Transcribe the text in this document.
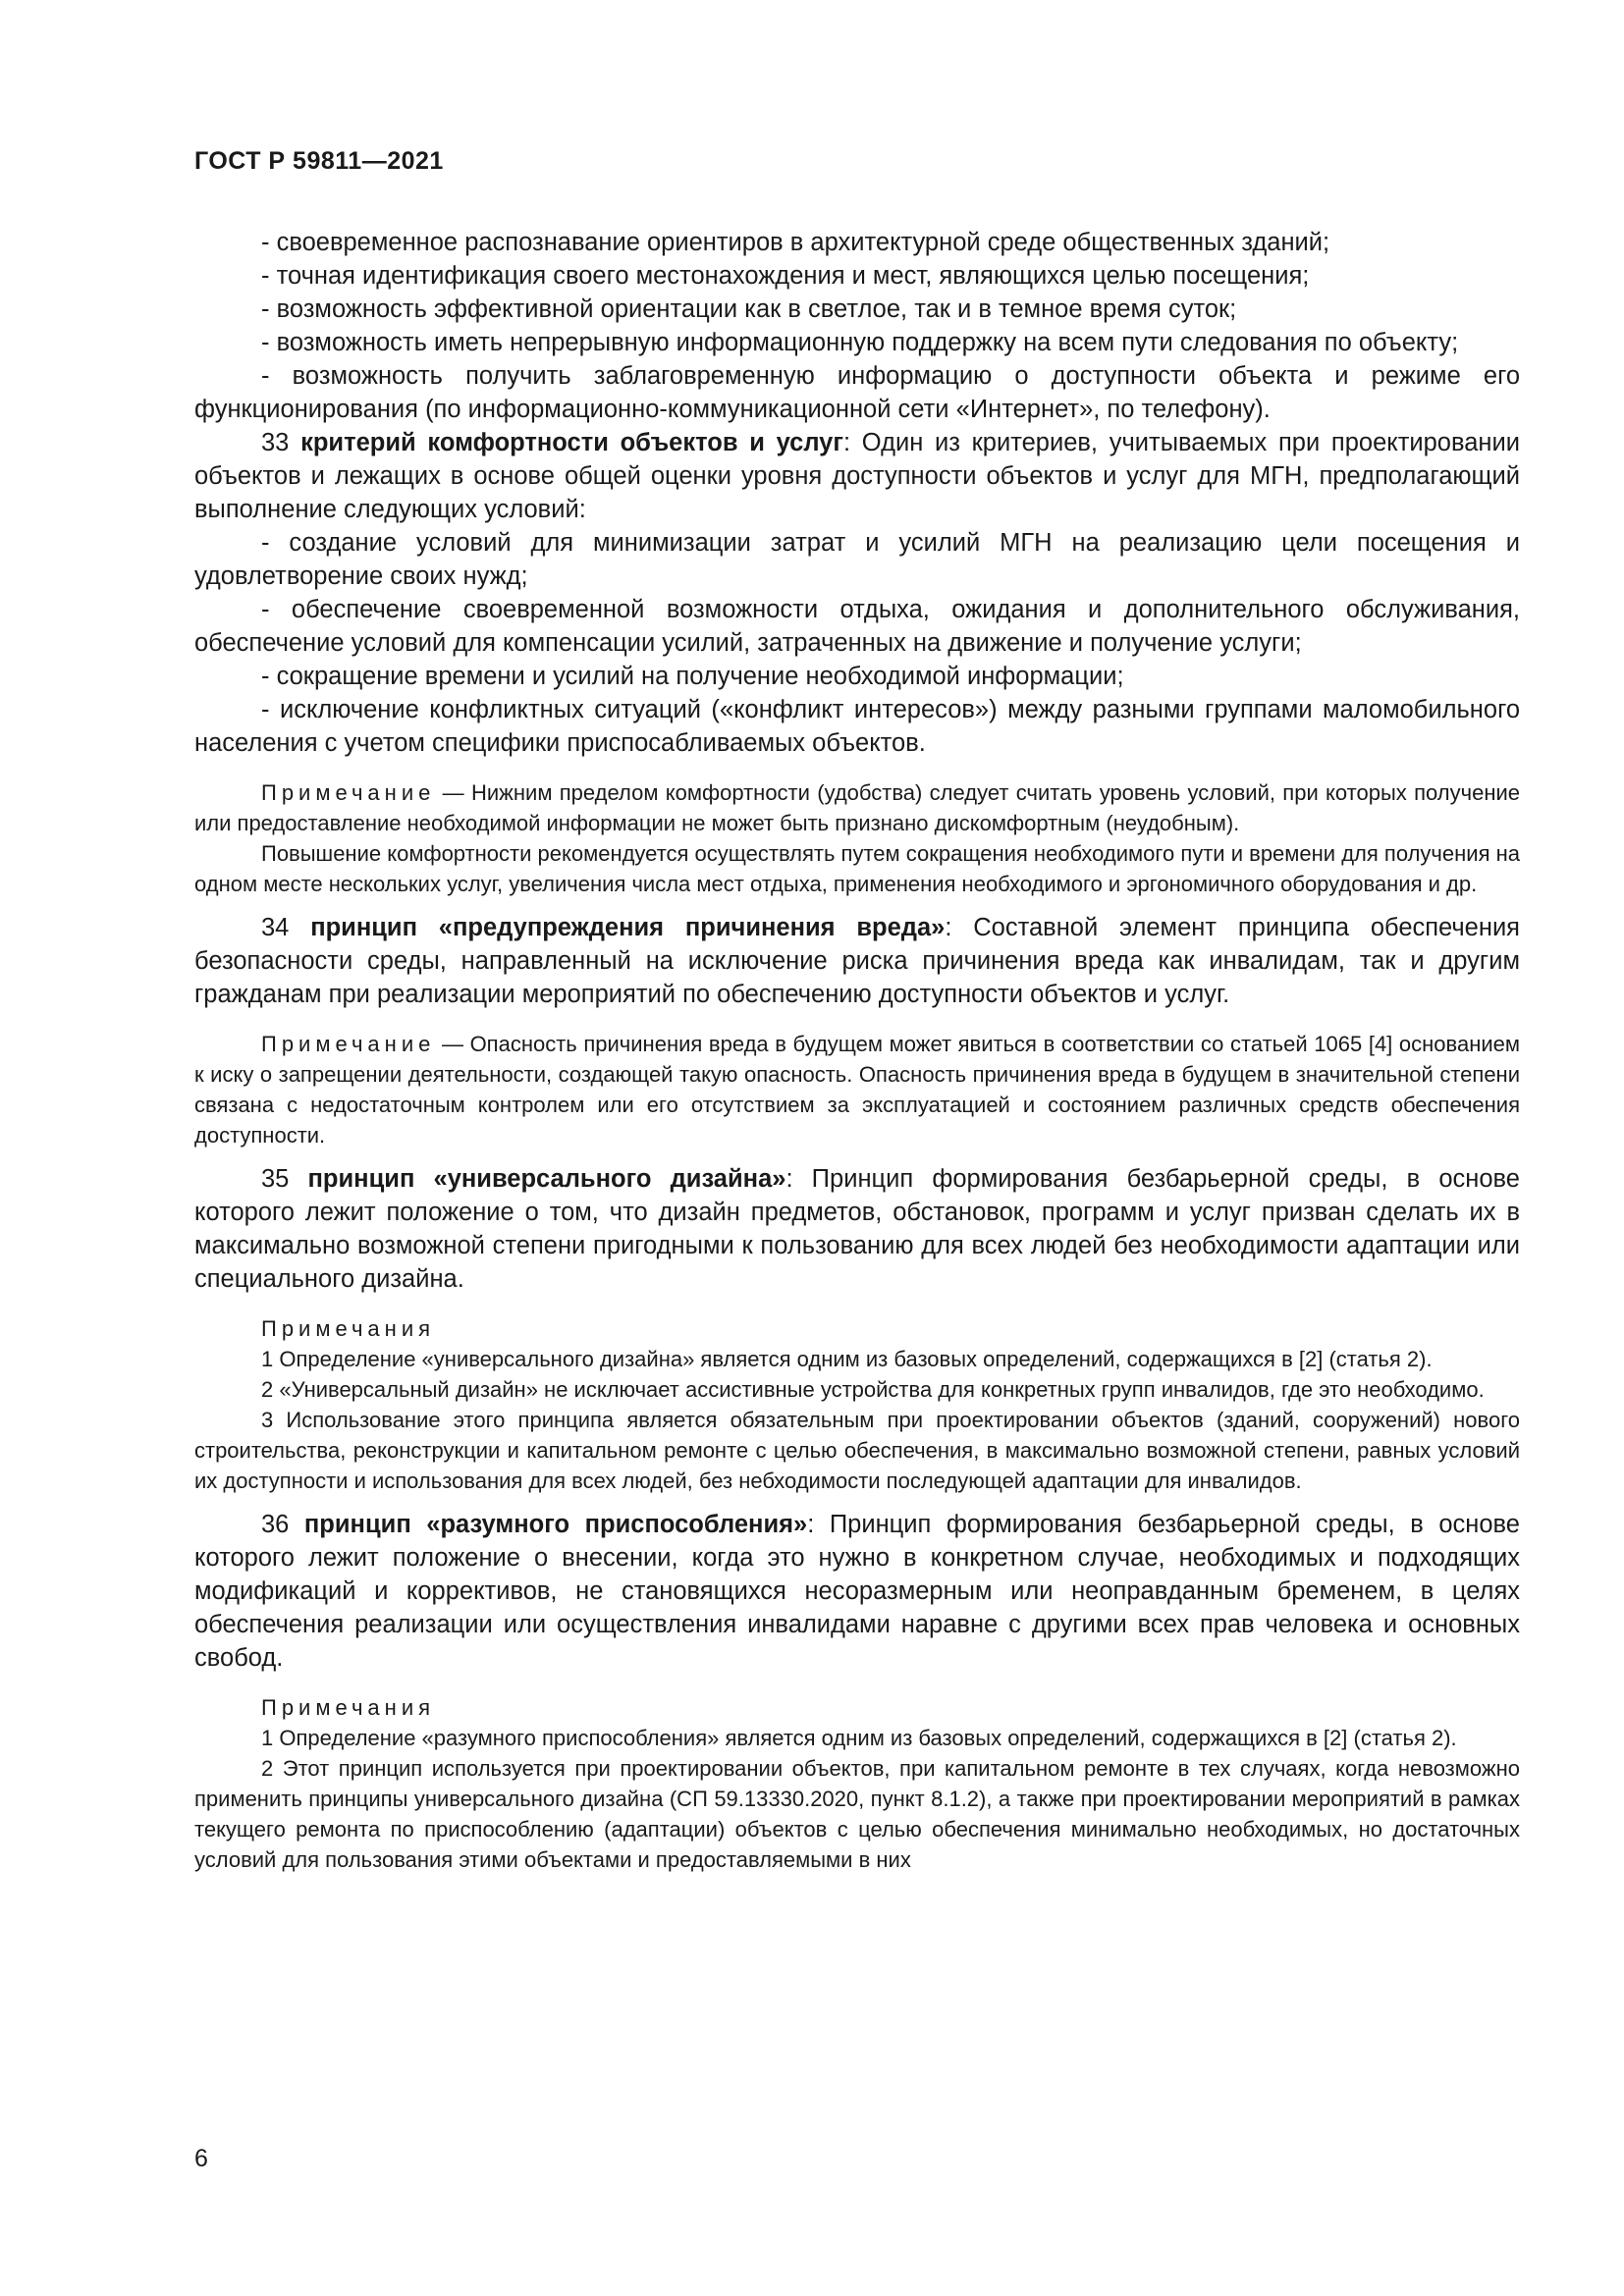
ГОСТ Р 59811—2021

- своевременное распознавание ориентиров в архитектурной среде общественных зданий;

- точная идентификация своего местонахождения и мест, являющихся целью посещения;

- возможность эффективной ориентации как в светлое, так и в темное время суток;

- возможность иметь непрерывную информационную поддержку на всем пути следования по объекту;

- возможность получить заблаговременную информацию о доступности объекта и режиме его функционирования (по информационно-коммуникационной сети «Интернет», по телефону).

33 критерий комфортности объектов и услуг: Один из критериев, учитываемых при проектировании объектов и лежащих в основе общей оценки уровня доступности объектов и услуг для МГН, предполагающий выполнение следующих условий:

- создание условий для минимизации затрат и усилий МГН на реализацию цели посещения и удовлетворение своих нужд;

- обеспечение своевременной возможности отдыха, ожидания и дополнительного обслуживания, обеспечение условий для компенсации усилий, затраченных на движение и получение услуги;

- сокращение времени и усилий на получение необходимой информации;

- исключение конфликтных ситуаций («конфликт интересов») между разными группами маломобильного населения с учетом специфики приспосабливаемых объектов.

Примечание — Нижним пределом комфортности (удобства) следует считать уровень условий, при которых получение или предоставление необходимой информации не может быть признано дискомфортным (неудобным).

Повышение комфортности рекомендуется осуществлять путем сокращения необходимого пути и времени для получения на одном месте нескольких услуг, увеличения числа мест отдыха, применения необходимого и эргономичного оборудования и др.

34 принцип «предупреждения причинения вреда»: Составной элемент принципа обеспечения безопасности среды, направленный на исключение риска причинения вреда как инвалидам, так и другим гражданам при реализации мероприятий по обеспечению доступности объектов и услуг.

Примечание — Опасность причинения вреда в будущем может явиться в соответствии со статьей 1065 [4] основанием к иску о запрещении деятельности, создающей такую опасность. Опасность причинения вреда в будущем в значительной степени связана с недостаточным контролем или его отсутствием за эксплуатацией и состоянием различных средств обеспечения доступности.

35 принцип «универсального дизайна»: Принцип формирования безбарьерной среды, в основе которого лежит положение о том, что дизайн предметов, обстановок, программ и услуг призван сделать их в максимально возможной степени пригодными к пользованию для всех людей без необходимости адаптации или специального дизайна.

Примечания

1 Определение «универсального дизайна» является одним из базовых определений, содержащихся в [2] (статья 2).

2 «Универсальный дизайн» не исключает ассистивные устройства для конкретных групп инвалидов, где это необходимо.

3 Использование этого принципа является обязательным при проектировании объектов (зданий, сооружений) нового строительства, реконструкции и капитальном ремонте с целью обеспечения, в максимально возможной степени, равных условий их доступности и использования для всех людей, без небходимости последующей адаптации для инвалидов.

36 принцип «разумного приспособления»: Принцип формирования безбарьерной среды, в основе которого лежит положение о внесении, когда это нужно в конкретном случае, необходимых и подходящих модификаций и коррективов, не становящихся несоразмерным или неоправданным бременем, в целях обеспечения реализации или осуществления инвалидами наравне с другими всех прав человека и основных свобод.

Примечания

1 Определение «разумного приспособления» является одним из базовых определений, содержащихся в [2] (статья 2).

2 Этот принцип используется при проектировании объектов, при капитальном ремонте в тех случаях, когда невозможно применить принципы универсального дизайна (СП 59.13330.2020, пункт 8.1.2), а также при проектировании мероприятий в рамках текущего ремонта по приспособлению (адаптации) объектов с целью обеспечения минимально необходимых, но достаточных условий для пользования этими объектами и предоставляемыми в них

6
